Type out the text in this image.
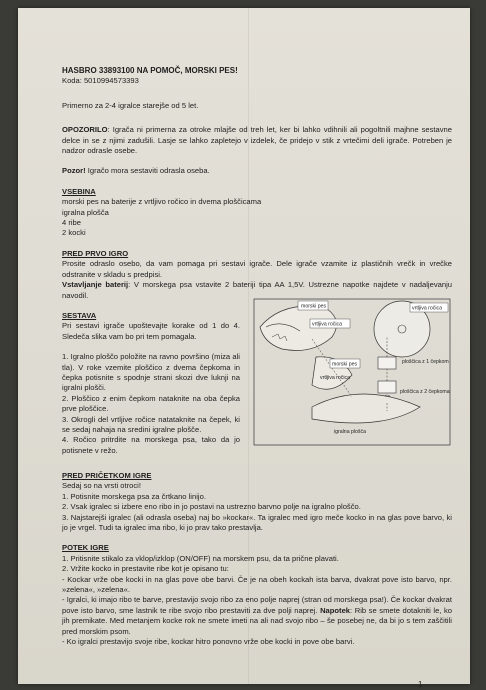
HASBRO 33893100 NA POMOČ, MORSKI PES!

Koda: 5010994573393

Primerno za 2-4 igralce starejše od 5 let.

OPOZORILO: Igrača ni primerna za otroke mlajše od treh let, ker bi lahko vdihnili ali pogoltnili majhne sestavne delce in se z njimi zadušili. Lasje se lahko zapletejo v izdelek, če pridejo v stik z vrtečimi deli igrače. Potreben je nadzor odrasle osebe.

Pozor! Igračo mora sestaviti odrasla oseba.

VSEBINA

morski pes na baterije z vrtljivo ročico in dvema ploščicama

igralna plošča

4 ribe

2 kocki

PRED PRVO IGRO

Prosite odraslo osebo, da vam pomaga pri sestavi igrače. Dele igrače vzamite iz plastičnih vrečk in vrečke odstranite v skladu s predpisi.

Vstavljanje baterij: V morskega psa vstavite 2 bateriji tipa AA 1,5V. Ustrezne napotke najdete v nadaljevanju navodil.

SESTAVA

Pri sestavi igrače upoštevajte korake od 1 do 4. Sledeča slika vam bo pri tem pomagala.

1. Igralno ploščo položite na ravno površino (miza ali tla). V roke vzemite ploščico z dvema čepkoma in čepka potisnite s spodnje strani skozi dve luknji na igralni plošči.

2. Ploščico z enim čepkom nataknite na oba čepka prve ploščice.

3. Okrogli del vrtljive ročice natataknite na čepek, ki se sedaj nahaja na sredini igralne plošče.

4. Ročico pritrdite na morskega psa, tako da jo potisnete v režo.

morski pes
vrtljiva ročica
vrtljiva ročica
ploščica z 1 čepkom
morski pes
vrtljiva ročica
ploščica z 2 čepkoma
igralna plošča

PRED PRIČETKOM IGRE

Sedaj so na vrsti otroci!

1. Potisnite morskega psa za črtkano linijo.

2. Vsak igralec si izbere eno ribo in jo postavi na ustrezno barvno polje na igralno ploščo.

3. Najstarejši igralec (ali odrasla oseba) naj bo »kockar«. Ta igralec med igro meče kocko in na glas pove barvo, ki jo je vrgel. Tudi ta igralec ima ribo, ki jo prav tako prestavlja.

POTEK IGRE

1. Pritisnite stikalo za vklop/izklop (ON/OFF) na morskem psu, da ta prične plavati.

2. Vržite kocko in prestavite ribe kot je opisano tu:

- Kockar vrže obe kocki in na glas pove obe barvi. Če je na obeh kockah ista barva, dvakrat pove isto barvo, npr. »zelena«, »zelena«.

- Igralci, ki imajo ribo te barve, prestavijo svojo ribo za eno polje naprej (stran od morskega psa!). Če kockar dvakrat pove isto barvo, sme lastnik te ribe svojo ribo prestaviti za dve polji naprej. Napotek: Rib se smete dotakniti le, ko jih premikate. Med metanjem kocke rok ne smete imeti na ali nad svojo ribo – še posebej ne, da bi jo s tem zaščitili pred morskim psom.

- Ko igralci prestavijo svoje ribe, kockar hitro ponovno vrže obe kocki in pove obe barvi.

1
